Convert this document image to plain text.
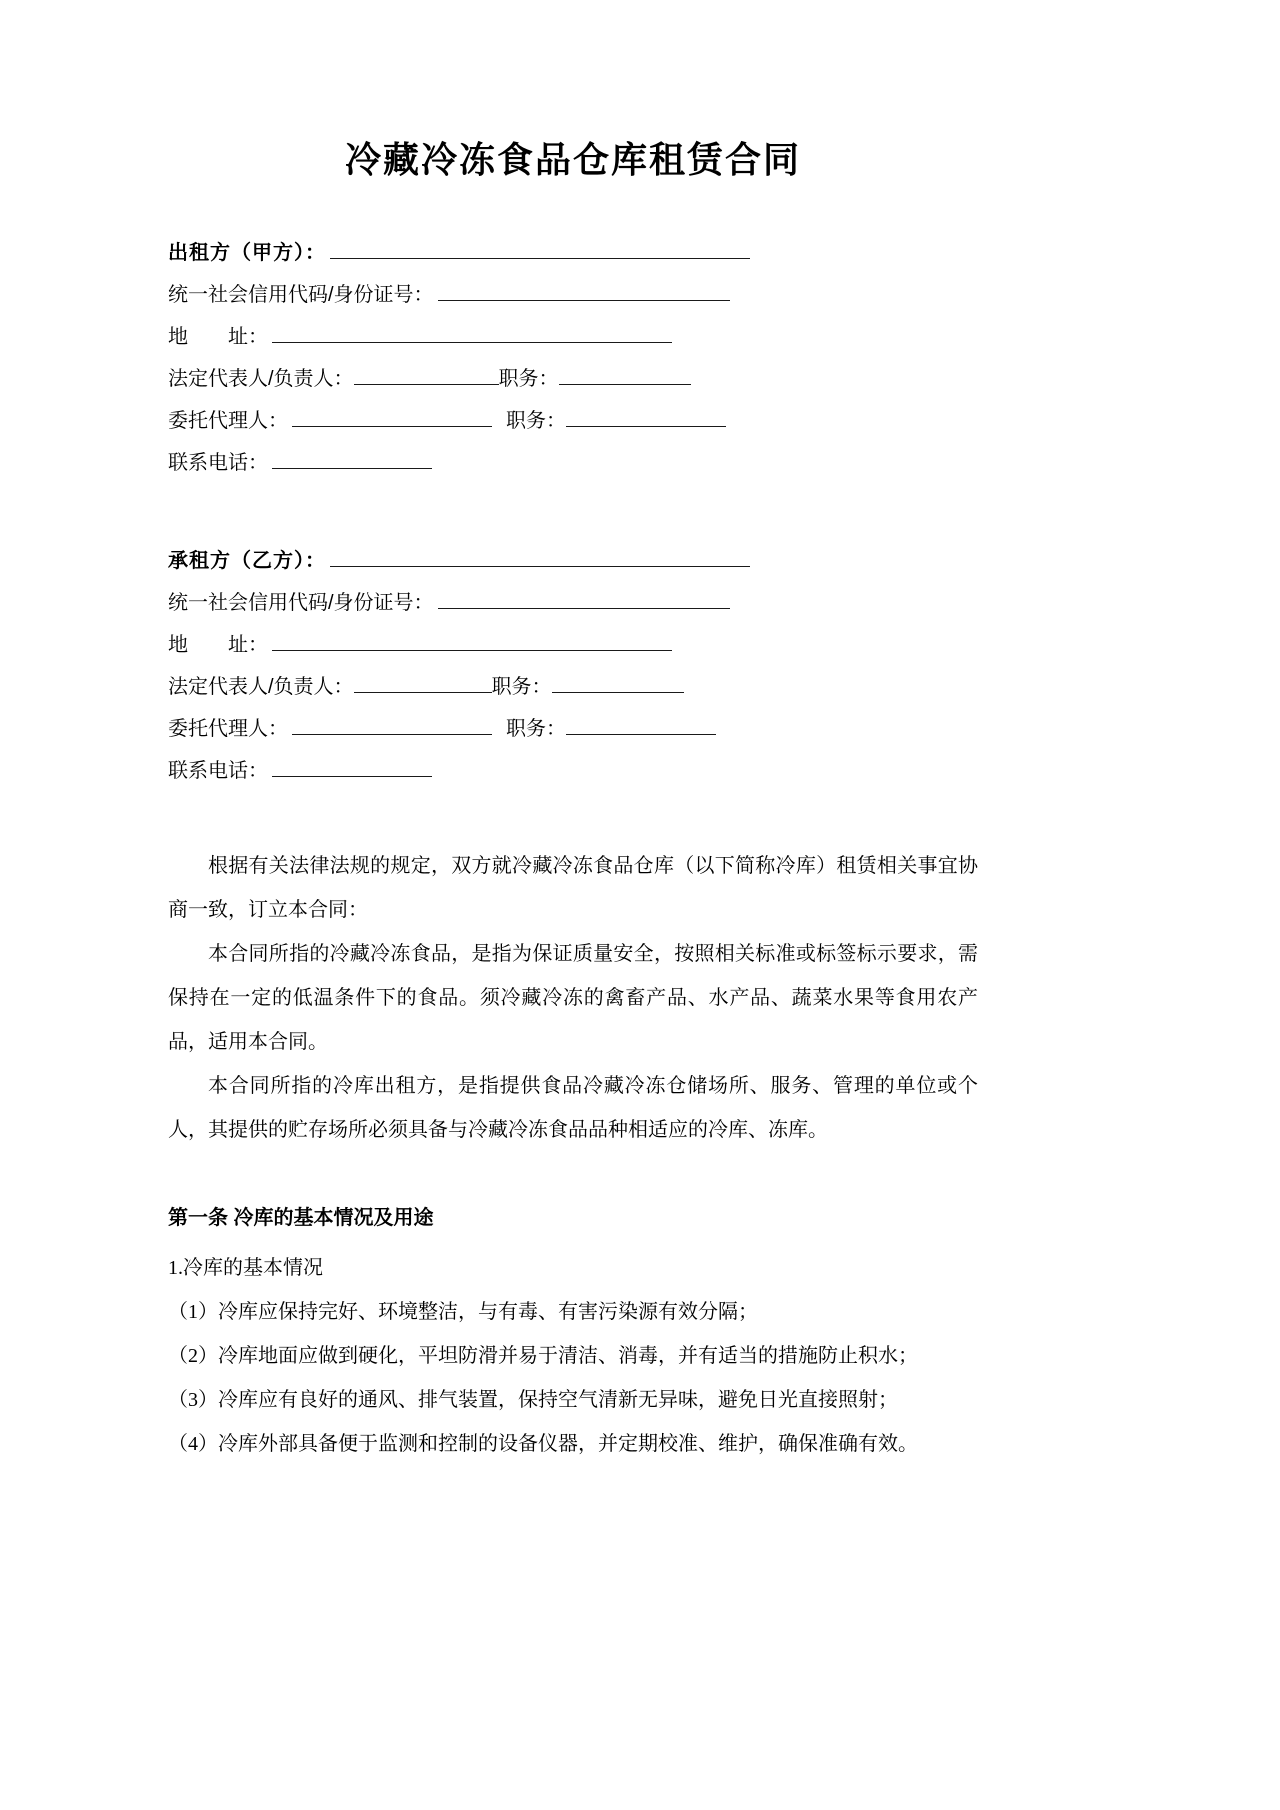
冷藏冷冻食品仓库租赁合同
出租方（甲方）：
统一社会信用代码/身份证号：
地　　址：
法定代表人/负责人：	职务：
委托代理人：	职务：
联系电话：
承租方（乙方）：
统一社会信用代码/身份证号：
地　　址：
法定代表人/负责人：	职务：
委托代理人：	职务：
联系电话：

根据有关法律法规的规定，双方就冷藏冷冻食品仓库（以下简称冷库）租赁相关事宜协商一致，订立本合同：

本合同所指的冷藏冷冻食品，是指为保证质量安全，按照相关标准或标签标示要求，需保持在一定的低温条件下的食品。须冷藏冷冻的禽畜产品、水产品、蔬菜水果等食用农产品，适用本合同。

本合同所指的冷库出租方，是指提供食品冷藏冷冻仓储场所、服务、管理的单位或个人，其提供的贮存场所必须具备与冷藏冷冻食品品种相适应的冷库、冻库。

第一条 冷库的基本情况及用途

1.冷库的基本情况

（1）冷库应保持完好、环境整洁，与有毒、有害污染源有效分隔；

（2）冷库地面应做到硬化，平坦防滑并易于清洁、消毒，并有适当的措施防止积水；

（3）冷库应有良好的通风、排气装置，保持空气清新无异味，避免日光直接照射；

（4）冷库外部具备便于监测和控制的设备仪器，并定期校准、维护，确保准确有效。
